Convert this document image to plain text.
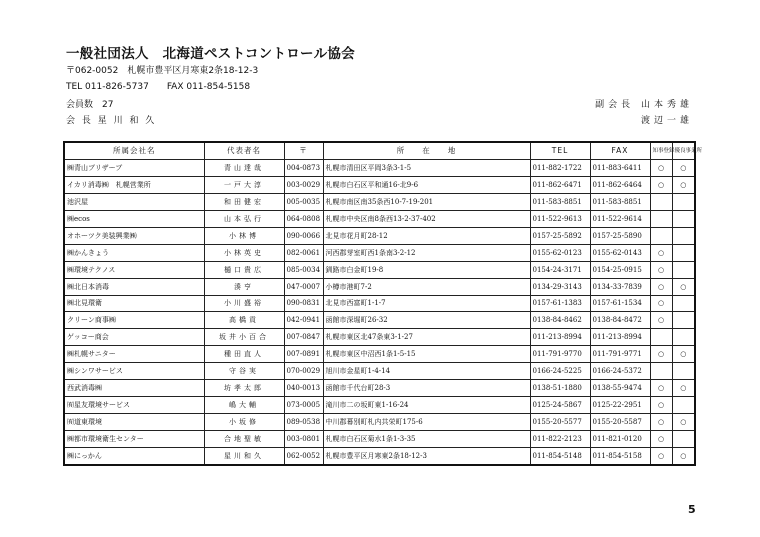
一般社団法人　北海道ペストコントロール協会
〒062-0052　札幌市豊平区月寒東2条18-12-3
TEL 011-826-5737　　FAX 011-854-5158
会員数　27
会 長 星 川 和 久
副会長 山本秀雄
渡辺一雄
所属会社名	代表者名	〒	所　　在　　地	TEL	FAX	知事登録	優良事業所
㈱青山ブリザーブ	青山達哉	004-0873	札幌市清田区平岡3条3-1-5	011-882-1722	011-883-6411	○	○
イカリ消毒㈱　札幌営業所	一戸大淳	003-0029	札幌市白石区平和通16-北9-6	011-862-6471	011-862-6464	○	○
池沢屋	和田健宏	005-0035	札幌市南区南35条西10-7-19-201	011-583-8851	011-583-8851		
㈱ecos	山本弘行	064-0808	札幌市中央区南8条西13-2-37-402	011-522-9613	011-522-9614		
オホーツク美装興業㈱	小林博	090-0066	北見市花月町28-12	0157-25-5892	0157-25-5890		
㈱かんきょう	小林英史	082-0061	河西郡芽室町西1条南3-2-12	0155-62-0123	0155-62-0143	○	
㈱環境テクノス	樋口貴広	085-0034	釧路市白金町19-8	0154-24-3171	0154-25-0915	○	
㈱北日本消毒	湊亨	047-0007	小樽市港町7-2	0134-29-3143	0134-33-7839	○	○
㈱北見環衛	小川盛裕	090-0831	北見市西富町1-1-7	0157-61-1383	0157-61-1534	○	
クリーン商事㈱	高橋貢	042-0941	函館市深堀町26-32	0138-84-8462	0138-84-8472	○	
ゲッコー商会	坂井小百合	007-0847	札幌市東区北47条東3-1-27	011-213-8994	011-213-8994		
㈱札幌サニター	種田直人	007-0891	札幌市東区中沼西1条1-5-15	011-791-9770	011-791-9771	○	○
㈱シンワサービス	守谷実	070-0029	旭川市金星町1-4-14	0166-24-5225	0166-24-5372		
西武消毒㈱	坊孝太郎	040-0013	函館市千代台町28-3	0138-51-1880	0138-55-9474	○	○
㈲星友環境サービス	嶋大輔	073-0005	滝川市二の坂町東1-16-24	0125-24-5867	0125-22-2951	○	
㈲道東環境	小坂修	089-0538	中川郡幕別町札内共栄町175-6	0155-20-5577	0155-20-5587	○	○
㈱都市環境衛生センター	合地聖敏	003-0801	札幌市白石区菊水1条1-3-35	011-822-2123	011-821-0120	○	
㈱にっかん	星川和久	062-0052	札幌市豊平区月寒東2条18-12-3	011-854-5148	011-854-5158	○	○
5
